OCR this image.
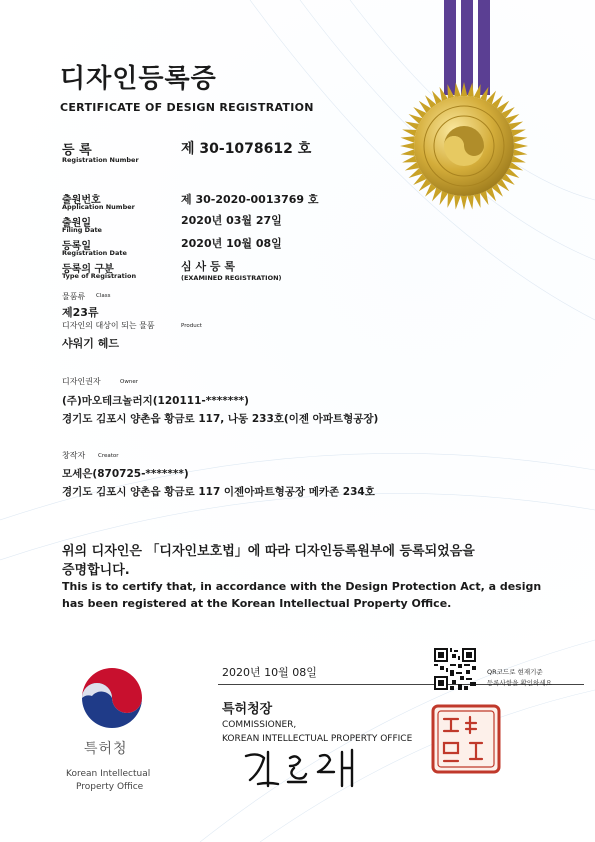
디자인등록증
CERTIFICATE OF DESIGN REGISTRATION
등 록
Registration Number
제 30-1078612 호
출원번호
Application Number
제 30-2020-0013769 호
출원일
Filing Date
2020년 03월 27일
등록일
Registration Date
2020년 10월 08일
등록의 구분
Type of Registration
심 사 등 록
(EXAMINED REGISTRATION)
물품류 Class
제23류
디자인의 대상이 되는 물품	Product
샤워기 헤드
디자인권자	Owner
(주)마오테크놀러지(120111-*******)
경기도 김포시 양촌읍 황금로 117, 나동 233호(이젠 아파트형공장)
창작자 Creator
모세은(870725-*******)
경기도 김포시 양촌읍 황금로 117 이젠아파트형공장 메카존 234호
위의 디자인은 「디자인보호법」에 따라 디자인등록원부에 등록되었음을
증명합니다.
This is to certify that, in accordance with the Design Protection Act, a design
has been registered at the Korean Intellectual Property Office.
2020년 10월 08일	QR코드로 현재기준
등록사항을 확인하세요
특허청장
COMMISSIONER,
KOREAN INTELLECTUAL PROPERTY OFFICE
특허청
Korean Intellectual
Property Office
